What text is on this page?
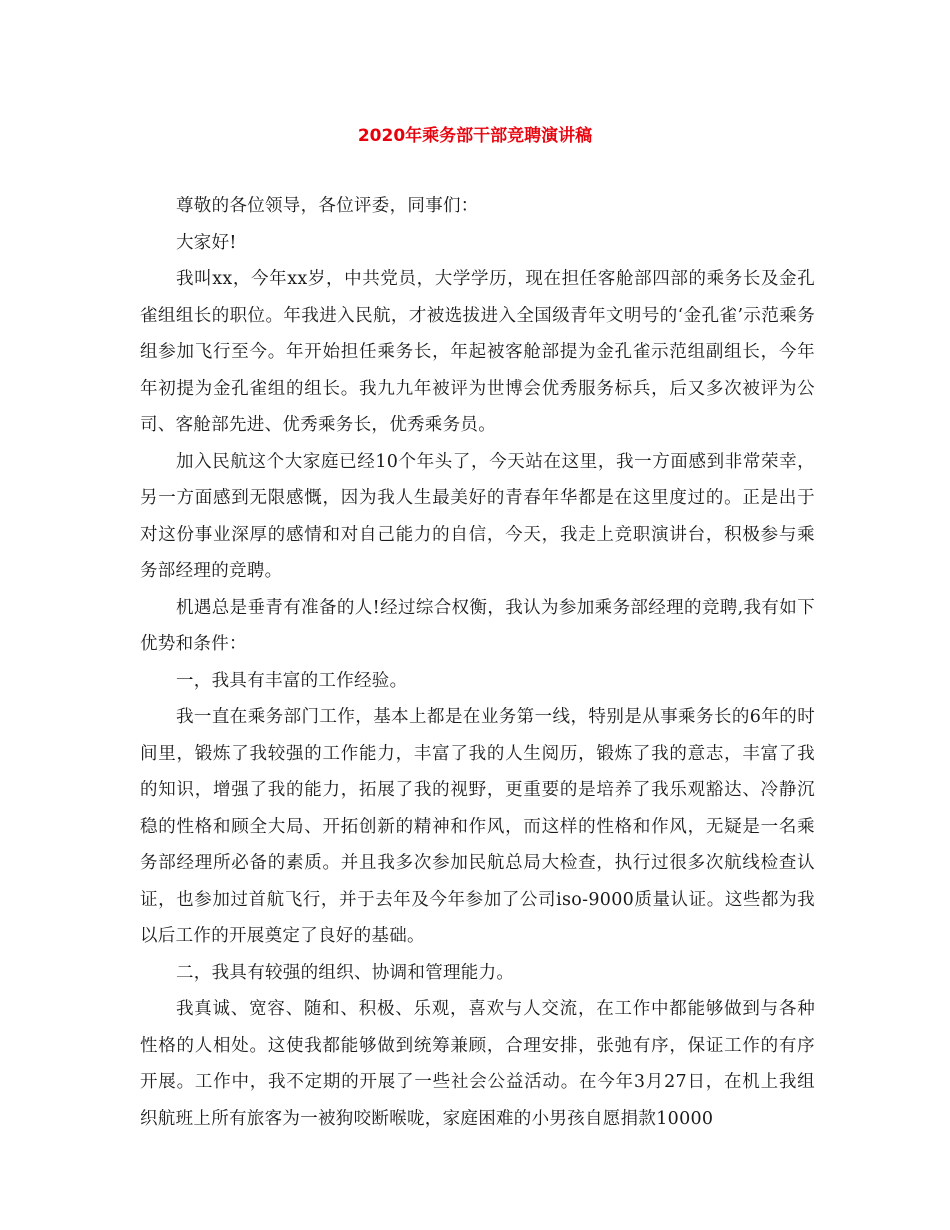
2020年乘务部干部竞聘演讲稿

尊敬的各位领导，各位评委，同事们：

大家好!

我叫xx，今年xx岁，中共党员，大学学历，现在担任客舱部四部的乘务长及金孔雀组组长的职位。年我进入民航，才被选拔进入全国级青年文明号的‘金孔雀’示范乘务组参加飞行至今。年开始担任乘务长，年起被客舱部提为金孔雀示范组副组长，今年年初提为金孔雀组的组长。我九九年被评为世博会优秀服务标兵，后又多次被评为公司、客舱部先进、优秀乘务长，优秀乘务员。

加入民航这个大家庭已经10个年头了，今天站在这里，我一方面感到非常荣幸，另一方面感到无限感慨，因为我人生最美好的青春年华都是在这里度过的。正是出于对这份事业深厚的感情和对自己能力的自信，今天，我走上竞职演讲台，积极参与乘务部经理的竞聘。

机遇总是垂青有准备的人!经过综合权衡，我认为参加乘务部经理的竞聘,我有如下优势和条件：

一，我具有丰富的工作经验。

我一直在乘务部门工作，基本上都是在业务第一线，特别是从事乘务长的6年的时间里，锻炼了我较强的工作能力，丰富了我的人生阅历，锻炼了我的意志，丰富了我的知识，增强了我的能力，拓展了我的视野，更重要的是培养了我乐观豁达、冷静沉稳的性格和顾全大局、开拓创新的精神和作风，而这样的性格和作风，无疑是一名乘务部经理所必备的素质。并且我多次参加民航总局大检查，执行过很多次航线检查认证，也参加过首航飞行，并于去年及今年参加了公司iso-9000质量认证。这些都为我以后工作的开展奠定了良好的基础。

二，我具有较强的组织、协调和管理能力。

我真诚、宽容、随和、积极、乐观，喜欢与人交流，在工作中都能够做到与各种性格的人相处。这使我都能够做到统筹兼顾，合理安排，张弛有序，保证工作的有序开展。工作中，我不定期的开展了一些社会公益活动。在今年3月27日，在机上我组织航班上所有旅客为一被狗咬断喉咙，家庭困难的小男孩自愿捐款10000
